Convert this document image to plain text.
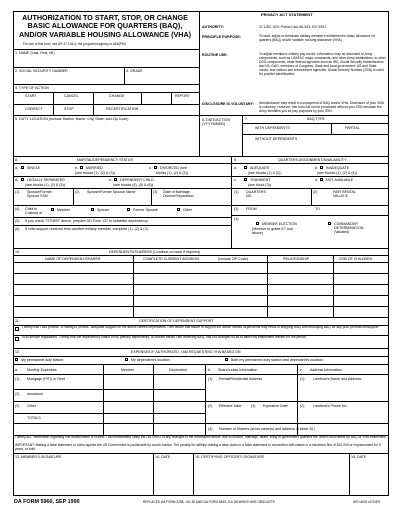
AUTHORIZATION TO START, STOP, OR CHANGE BASIC ALLOWANCE FOR QUARTERS (BAQ), AND/OR VARIABLE HOUSING ALLOWANCE (VHA)
For use of this form, see AR 37-104-4; the proponent agency is ASA(FM)
PRIVACY ACT STATEMENT
AUTHORITY:	37 USC 403; Public Law 96-343; EO 9397.
PRINCIPLE PURPOSE:	To start, adjust or terminate military member's entitlement to basic allowance for quarters (BAQ) and/or variable housing allowance (VHA).
ROUTINE USE:	To adjust member's military pay record. Information may be disclosed to Army components, such as USAFAC major commands, and other Army installations; to other DOD components; other federal agencies such as IRS, Social Security Administration and VA; GAO, members of Congress; State and local government; US and State courts; and various law enforcement agencies. Social Security Number (SSN) is used for positive identification.
DISCLOSURE IS VOLUNTARY: Nondisclosure may result in nonpayment of BAQ and/or VHA. Disclosure of your SSN is voluntary. However, this form will not be processed without your SSN because the Army identifies you for pay purposes by your SSN.
1. NAME (Last, First, MI)
2. SOCIAL SECURITY NUMBER	3. GRADE
4. TYPE OF ACTION
START	CANCEL	CHANGE	REPORT
CORRECT	STOP	RECERTIFICATION
5. DUTY LOCATION (Include Station, Name, City, State, and Zip Code)	6. DATE/ACTION
(YYYYMMDD)
7.	BAQ TYPE
WITH DEPENDENTS	PARTIAL
WITHOUT DEPENDENTS
8.	MARITAL/DEPENDENCY STATUS	9.	QUARTERS ASSIGNMENT/AVAILABILITY
a.	SINGLE	b. MARRIED
(see blocks (1), (2) & (3))
c. DIVORCED (see
blocks (1), (2) & (3))
d.	LEGALLY SEPARATED
(see blocks (1), (2) & (3))
e. DEPENDENT CHILD
(see blocks (4), (5) & (6))
(1) Spouse/Former
Spouse SSN
(2) Spouse/Former Spouse Name	(3) Date of Marriage,
Divorce/Separation
(4) Child in
Custody of
Member	Spouse	Former Spouse	Other
(5) If you check "OTHER" above, prepare DD Form 137 to establish dependency.
(6) If child support received from another military member, complete (1), (2) & (3).
a.	ADEQUATE
(see blocks (1) & (2))
b. INADEQUATE
(see blocks (1), (2) & (4))
c.	TRANSIENT
(see block (3))
d. NOT AVAILABLE
(1) QUARTERS
NO.
(2)	FAIR RENTAL
VALUE $
(3) FROM	TO
(4)
MEMBER ELECTION
(Member in grade E7 and
above)
COMMANDER
DETERMINATION
(Vacated)
10.	DEPENDENTS/SHARERS (Continue on back if required)
NAME OF DEPENDENT/SHARER	COMPLETE CURRENT ADDRESS	(Include ZIP Code)	RELATIONSHIP	DOB OF CHILDREN
11.	CERTIFICATION OF DEPENDENT SUPPORT
I certify that I can provide, or willing to provide, adequate support for the above named dependents. I am aware that failure to support the above named dependents may result in stopping BAQ and recouping BAQ for any prior periods/nonsupport.
VHA service regulations. I certify that the dependency status of my primary dependents, on whose behalf I am receiving BAQ, has not changed so as to affect my entitlement thereto for the period.
12.	EXPENSES IF AUTHORIZED, I AM REQUESTING VHA BASED ON
My permanent duty station	My dependent's location	Both my permanent duty station and dependent's location.
a.	Monthly Expenses:	Member	Dependent	b. Share/Lease Information	c. Address Information
(1) Mortgage (PITI) or Rent	(1) Rental/Residential Address	(1) Landlord's Name and Address:
(2) Insurance
(3) Other	(2) Effective Date: (3) Expiration Date	(2) Landlord's Phone No.
TOTALS
(4) Number of Sharers (show name(s) and address in block 10.)
I certify ALL information regarding this authorization is correct. I will immediately notify the FAO/HRO of any changes in the information above, due to divorce, marriage, death, living in government quarters etc. which could affect by BAQ or VHA entitlement.
IMPORTANT: Making a false statement or claim against the US Government is punishable by courts martial. The penalty for willfully making a false claim or a false statement in connection with claims is a maximum fine of $10,000 or imprisonment for 5 years, or both.
13. MEMBER'S SIGNATURE	14. DATE	15. CERTIFYING OFFICER'S SIGNATURE	16. DATE
DA FORM 5960, SEP 1990	REPLACES DA FORM 3298, JUL 80 AND DA FORM 5545, JUL 86 WHICH ARE OBSOLETE	APD AEM v2.00ES
